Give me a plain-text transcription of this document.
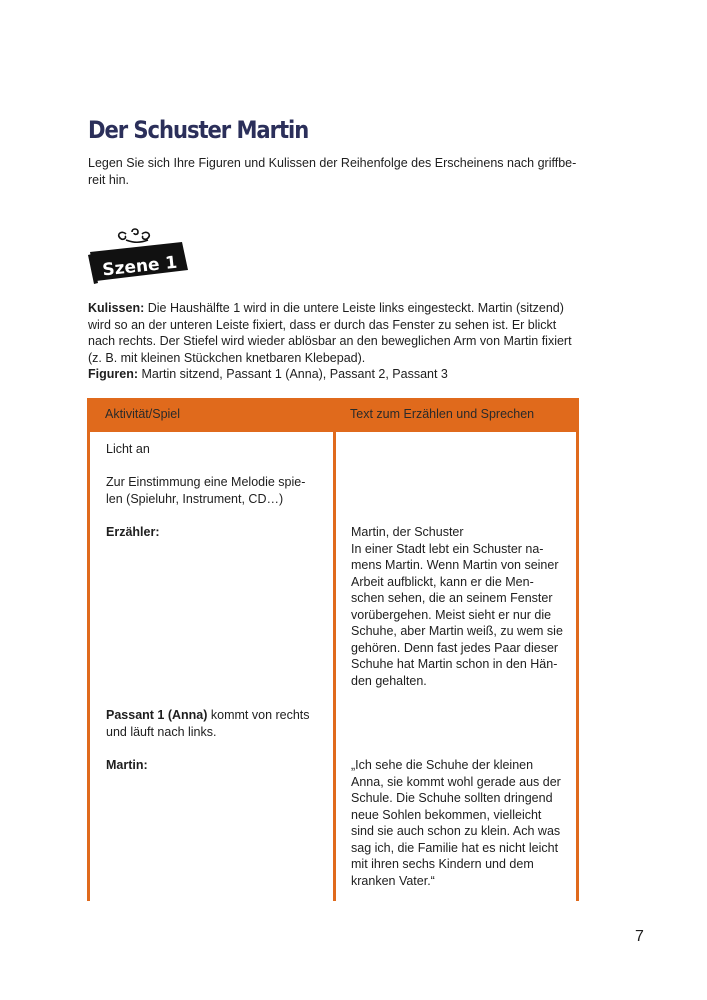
Der Schuster Martin
Legen Sie sich Ihre Figuren und Kulissen der Reihenfolge des Erscheinens nach griffbe-
reit hin.
Szene 1
Kulissen: Die Haushälfte 1 wird in die untere Leiste links eingesteckt. Martin (sitzend)
wird so an der unteren Leiste fixiert, dass er durch das Fenster zu sehen ist. Er blickt
nach rechts. Der Stiefel wird wieder ablösbar an den beweglichen Arm von Martin fixiert
(z. B. mit kleinen Stückchen knetbaren Klebepad).
Figuren: Martin sitzend, Passant 1 (Anna), Passant 2, Passant 3
Aktivität/Spiel	Text zum Erzählen und Sprechen
Licht an
Zur Einstimmung eine Melodie spie-
len (Spieluhr, Instrument, CD…)
Erzähler:
Passant 1 (Anna) kommt von rechts
und läuft nach links.
Martin:
Martin, der Schuster
In einer Stadt lebt ein Schuster na-
mens Martin. Wenn Martin von seiner
Arbeit aufblickt, kann er die Men-
schen sehen, die an seinem Fenster
vorübergehen. Meist sieht er nur die
Schuhe, aber Martin weiß, zu wem sie
gehören. Denn fast jedes Paar dieser
Schuhe hat Martin schon in den Hän-
den gehalten.
„Ich sehe die Schuhe der kleinen
Anna, sie kommt wohl gerade aus der
Schule. Die Schuhe sollten dringend
neue Sohlen bekommen, vielleicht
sind sie auch schon zu klein. Ach was
sag ich, die Familie hat es nicht leicht
mit ihren sechs Kindern und dem
kranken Vater.“
7
